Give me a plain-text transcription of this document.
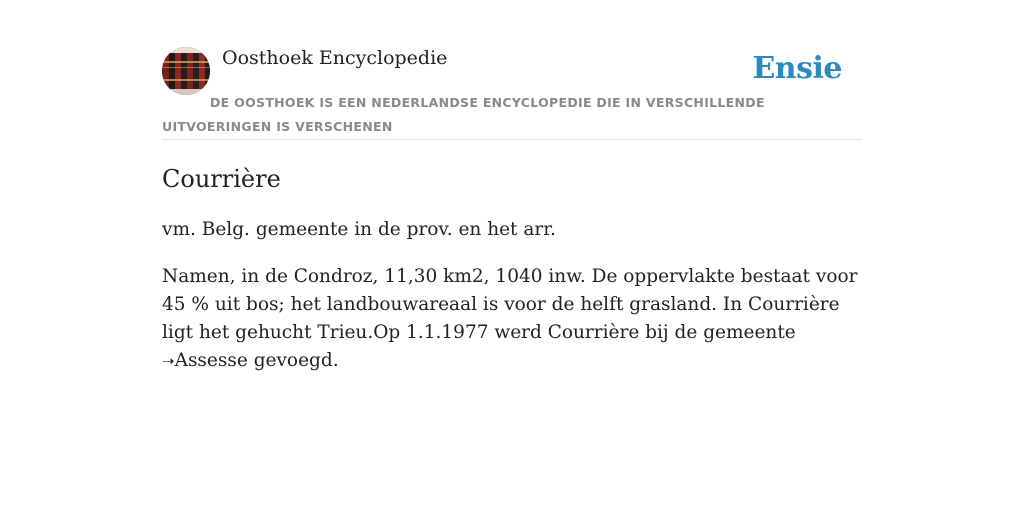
Oosthoek Encyclopedie	Ensie

DE OOSTHOEK IS EEN NEDERLANDSE ENCYCLOPEDIE DIE IN VERSCHILLENDE UITVOERINGEN IS VERSCHENEN

Courrière

vm. Belg. gemeente in de prov. en het arr.

Namen, in de Condroz, 11,30 km2, 1040 inw. De oppervlakte bestaat voor 45 % uit bos; het landbouwareaal is voor de helft grasland. In Courrière ligt het gehucht Trieu.Op 1.1.1977 werd Courrière bij de gemeente ➝Assesse gevoegd.
